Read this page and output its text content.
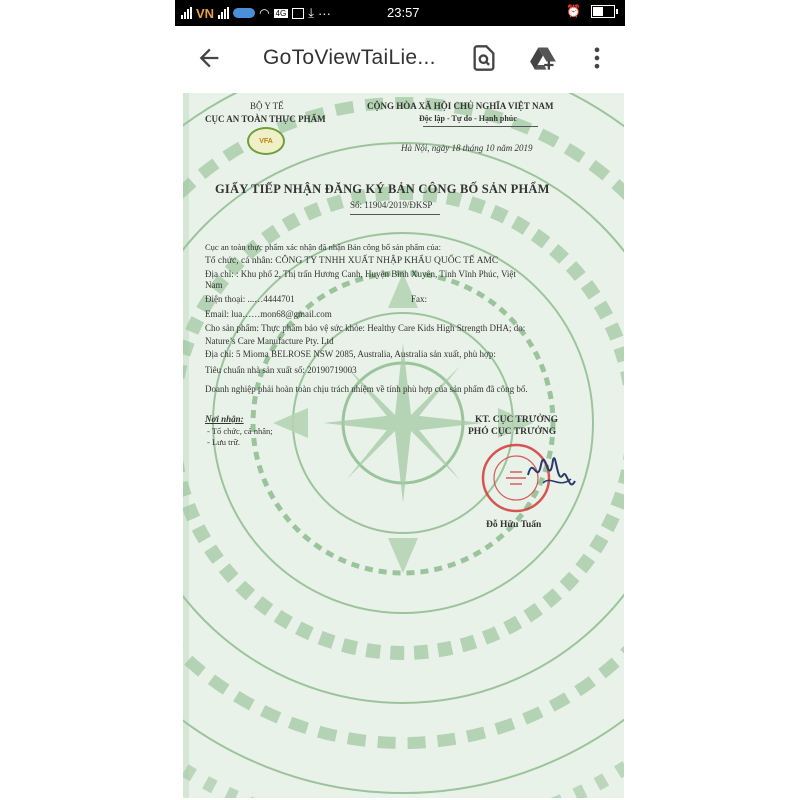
VN	◠ 4G ⤓ ···	23:57	⏰
GoToViewTaiLie...
BỘ Y TẾ
CỤC AN TOÀN THỰC PHẨM
VFA
CỘNG HÒA XÃ HỘI CHỦ NGHĨA VIỆT NAM
Độc lập - Tự do - Hạnh phúc
Hà Nội, ngày 18 tháng 10 năm 2019
GIẤY TIẾP NHẬN ĐĂNG KÝ BẢN CÔNG BỐ SẢN PHẨM
Số: 11904/2019/ĐKSP
Cục an toàn thực phẩm xác nhận đã nhận Bản công bố sản phẩm của:
Tổ chức, cá nhân: CÔNG TY TNHH XUẤT NHẬP KHẨU QUỐC TẾ AMC
Địa chỉ: : Khu phố 2, Thị trấn Hương Canh, Huyện Bình Xuyên, Tỉnh Vĩnh Phúc, Việt
Nam
Điện thoại: ...…4444701	Fax:
Email: lua……mon68@gmail.com
Cho sản phẩm: Thực phẩm bảo vệ sức khỏe: Healthy Care Kids High Strength DHA; do:
Nature’s Care Manufacture Pty. Ltd
Địa chỉ: 5 Mioma BELROSE NSW 2085, Australia, Australia sản xuất, phù hợp:
Tiêu chuẩn nhà sản xuất số: 20190719003
Doanh nghiệp phải hoàn toàn chịu trách nhiệm về tính phù hợp của sản phẩm đã công bố.
Nơi nhận:
- Tổ chức, cá nhân;
- Lưu trữ.
KT. CỤC TRƯỞNG
PHÓ CỤC TRƯỞNG
Đỗ Hữu Tuấn
